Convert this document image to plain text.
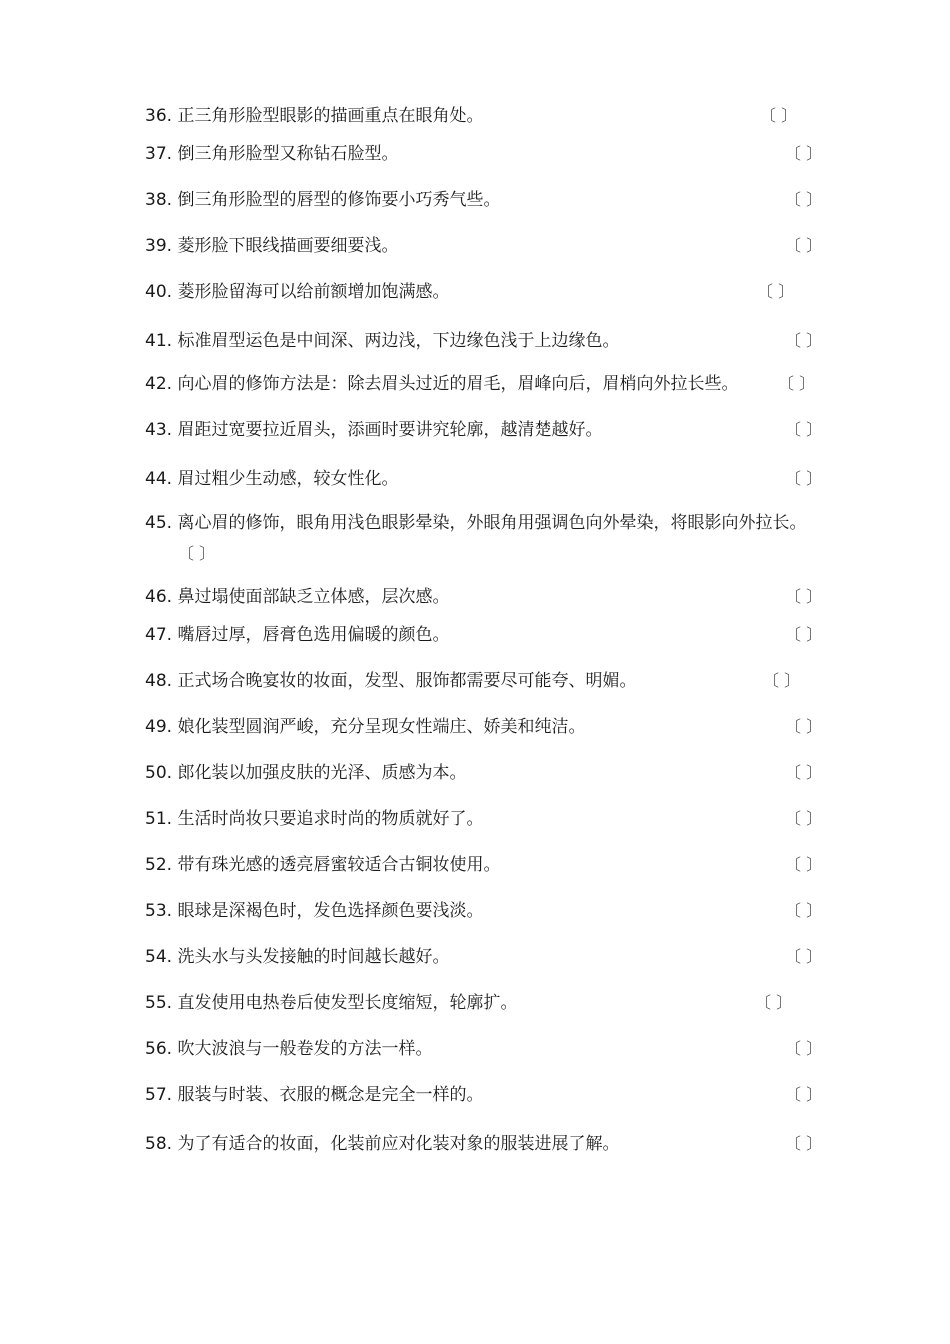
36. 正三角形脸型眼影的描画重点在眼角处。	〔 〕
37. 倒三角形脸型又称钻石脸型。	〔 〕
38. 倒三角形脸型的唇型的修饰要小巧秀气些。	〔 〕
39. 菱形脸下眼线描画要细要浅。	〔 〕
40. 菱形脸留海可以给前额增加饱满感。	〔 〕
41. 标准眉型运色是中间深、两边浅，下边缘色浅于上边缘色。	〔 〕
42. 向心眉的修饰方法是：除去眉头过近的眉毛，眉峰向后，眉梢向外拉长些。 〔 〕
43. 眉距过宽要拉近眉头，添画时要讲究轮廓，越清楚越好。	〔 〕
44. 眉过粗少生动感，较女性化。	〔 〕
45. 离心眉的修饰，眼角用浅色眼影晕染，外眼角用强调色向外晕染，将眼影向外拉长。
〔 〕
46. 鼻过塌使面部缺乏立体感，层次感。	〔 〕
47. 嘴唇过厚，唇膏色选用偏暖的颜色。	〔 〕
48. 正式场合晚宴妆的妆面，发型、服饰都需要尽可能夸、明媚。	〔 〕
49. 娘化装型圆润严峻，充分呈现女性端庄、娇美和纯洁。	〔 〕
50. 郎化装以加强皮肤的光泽、质感为本。	〔 〕
51. 生活时尚妆只要追求时尚的物质就好了。	〔 〕
52. 带有珠光感的透亮唇蜜较适合古铜妆使用。	〔 〕
53. 眼球是深褐色时，发色选择颜色要浅淡。	〔 〕
54. 洗头水与头发接触的时间越长越好。	〔 〕
55. 直发使用电热卷后使发型长度缩短，轮廓扩。	〔 〕
56. 吹大波浪与一般卷发的方法一样。	〔 〕
57. 服装与时装、衣服的概念是完全一样的。	〔 〕
58. 为了有适合的妆面，化装前应对化装对象的服装进展了解。	〔 〕
